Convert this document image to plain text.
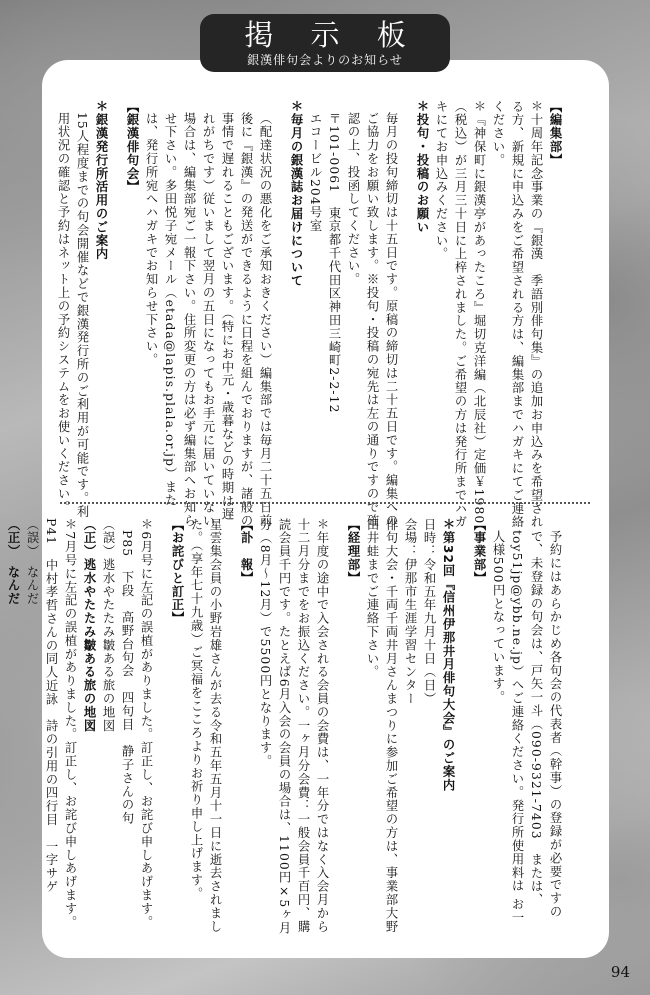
【編集部】

＊十周年記念事業の『銀漢　季語別俳句集』の追加お申込みを希望される方、新規に申込みをご希望される方は、編集部までハガキにてご連絡ください。

＊『神保町に銀漢亭があったころ』堀切克洋編（北辰社）定価￥1980（税込）が三月三十日に上梓されました。ご希望の方は発行所までハガキにてお申込みください。

＊投句・投稿のお願い

毎月の投句締切は十五日です。原稿の締切は二十五日です。編集へのご協力をお願い致します。※投句・投稿の宛先は左の通りですので確認の上、投函してください。

〒101‐0061　東京都千代田区神田三崎町2‐2‐12

エコービル204号室

＊毎月の銀漢誌お届けについて

（配達状況の悪化をご承知おきください）編集部では毎月二十五日前後に『銀漢』の発送ができるように日程を組んでおりますが、諸般の事情で遅れることもございます。（特にお中元・歳暮などの時期は遅れがちです）従いまして翌月の五日になってもお手元に届いていない場合は、編集部宛ご一報下さい。住所変更の方は必ず編集部へお知らせ下さい。多田悦子宛メール（etada@lapis.plala.or.jp）または、発行所宛へハガキでお知らせ下さい。

【銀漢俳句会】

＊銀漢発行所活用のご案内

15人程度までの句会開催などで銀漢発行所のご利用が可能です。利用状況の確認と予約はネット上の予約システムをお使いください。

予約にはあらかじめ各句会の代表者（幹事）の登録が必要ですので、未登録の句会は、戸矢一斗（090‐9321‐7403　または、toy51jp@ybb.ne.jp）へご連絡ください。発行所使用料は お一人様500円となっています。

【事業部】

＊第32回『信州伊那井月俳句大会』のご案内

日時：令和五年九月十日（日）

会場：伊那市生涯学習センター

俳句大会・千両千両井月さんまつりに参加ご希望の方は、事業部大野田井蛙までご連絡下さい。

【経理部】

＊年度の途中で入会される会員の会費は、一年分ではなく入会月から十二月分までをお振込ください。一ヶ月分会費：一般会員千百円、購読会員千円です。たとえば6月入会の会員の場合は、1100円×5ヶ月分（8月〜12月）で5500円となります。

【訃　報】

星雲集会員の小野岩雄さんが去る令和五年五月十一日に逝去されました。（享年七十九歳）ご冥福をこころよりお祈り申し上げます。

【お詫びと訂正】

＊6月号に左記の誤植がありました。訂正し、お詫び申しあげます。

P85　下段　高野台句会　四句目　静子さんの句

（誤）逃水やたたみ皺ある旅の地図

（正）逃水やたたみ皺ある旅の地図

＊7月号に左記の誤植がありました。訂正し、お詫び申しあげます。

P41　中村孝哲さんの同人近詠　詩の引用の四行目　一字サゲ

（誤）　なんだ

（正）　なんだ

掲 示 板
銀漢俳句会よりのお知らせ
94
